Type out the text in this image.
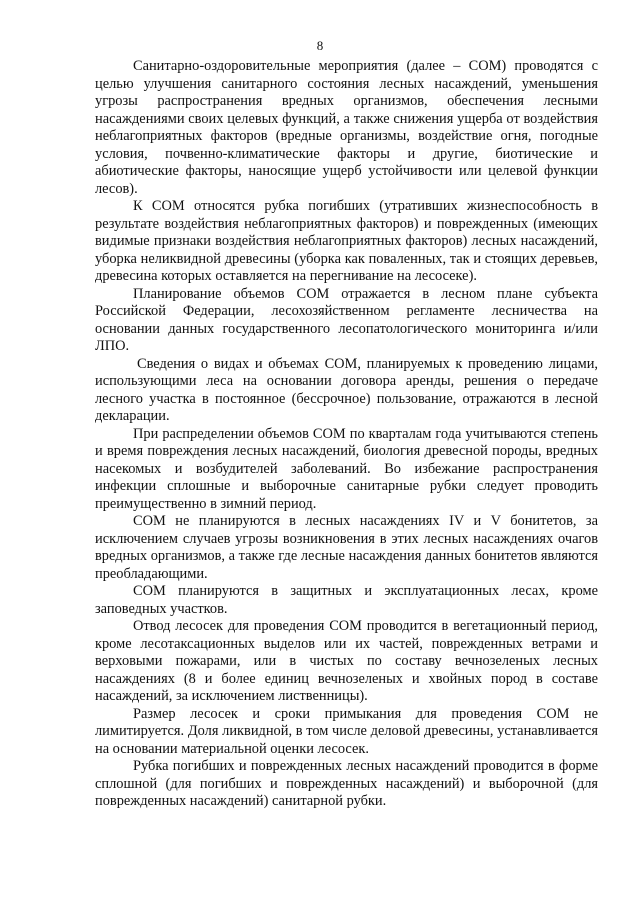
8

Санитарно-оздоровительные мероприятия (далее – СОМ) проводятся с целью улучшения санитарного состояния лесных насаждений, уменьшения угрозы распространения вредных организмов, обеспечения лесными насаждениями своих целевых функций, а также снижения ущерба от воздействия неблагоприятных факторов (вредные организмы, воздействие огня, погодные условия, почвенно-климатические факторы и другие, биотические и абиотические факторы, наносящие ущерб устойчивости или целевой функции лесов).

К СОМ относятся рубка погибших (утративших жизнеспособность в результате воздействия неблагоприятных факторов) и поврежденных (имеющих видимые признаки воздействия неблагоприятных факторов) лесных насаждений, уборка неликвидной древесины (уборка как поваленных, так и стоящих деревьев, древесина которых оставляется на перегнивание на лесосеке).

Планирование объемов СОМ отражается в лесном плане субъекта Российской Федерации, лесохозяйственном регламенте лесничества на основании данных государственного лесопатологического мониторинга и/или ЛПО.

Сведения о видах и объемах СОМ, планируемых к проведению лицами, использующими леса на основании договора аренды, решения о передаче лесного участка в постоянное (бессрочное) пользование, отражаются в лесной декларации.

При распределении объемов СОМ по кварталам года учитываются степень и время повреждения лесных насаждений, биология древесной породы, вредных насекомых и возбудителей заболеваний. Во избежание распространения инфекции сплошные и выборочные санитарные рубки следует проводить преимущественно в зимний период.

СОМ не планируются в лесных насаждениях IV и V бонитетов, за исключением случаев угрозы возникновения в этих лесных насаждениях очагов вредных организмов, а также где лесные насаждения данных бонитетов являются преобладающими.

СОМ планируются в защитных и эксплуатационных лесах, кроме заповедных участков.

Отвод лесосек для проведения СОМ проводится в вегетационный период, кроме лесотаксационных выделов или их частей, поврежденных ветрами и верховыми пожарами, или в чистых по составу вечнозеленых лесных насаждениях (8 и более единиц вечнозеленых и хвойных пород в составе насаждений, за исключением лиственницы).

Размер лесосек и сроки примыкания для проведения СОМ не лимитируется. Доля ликвидной, в том числе деловой древесины, устанавливается на основании материальной оценки лесосек.

Рубка погибших и поврежденных лесных насаждений проводится в форме сплошной (для погибших и поврежденных насаждений) и выборочной (для поврежденных насаждений) санитарной рубки.
